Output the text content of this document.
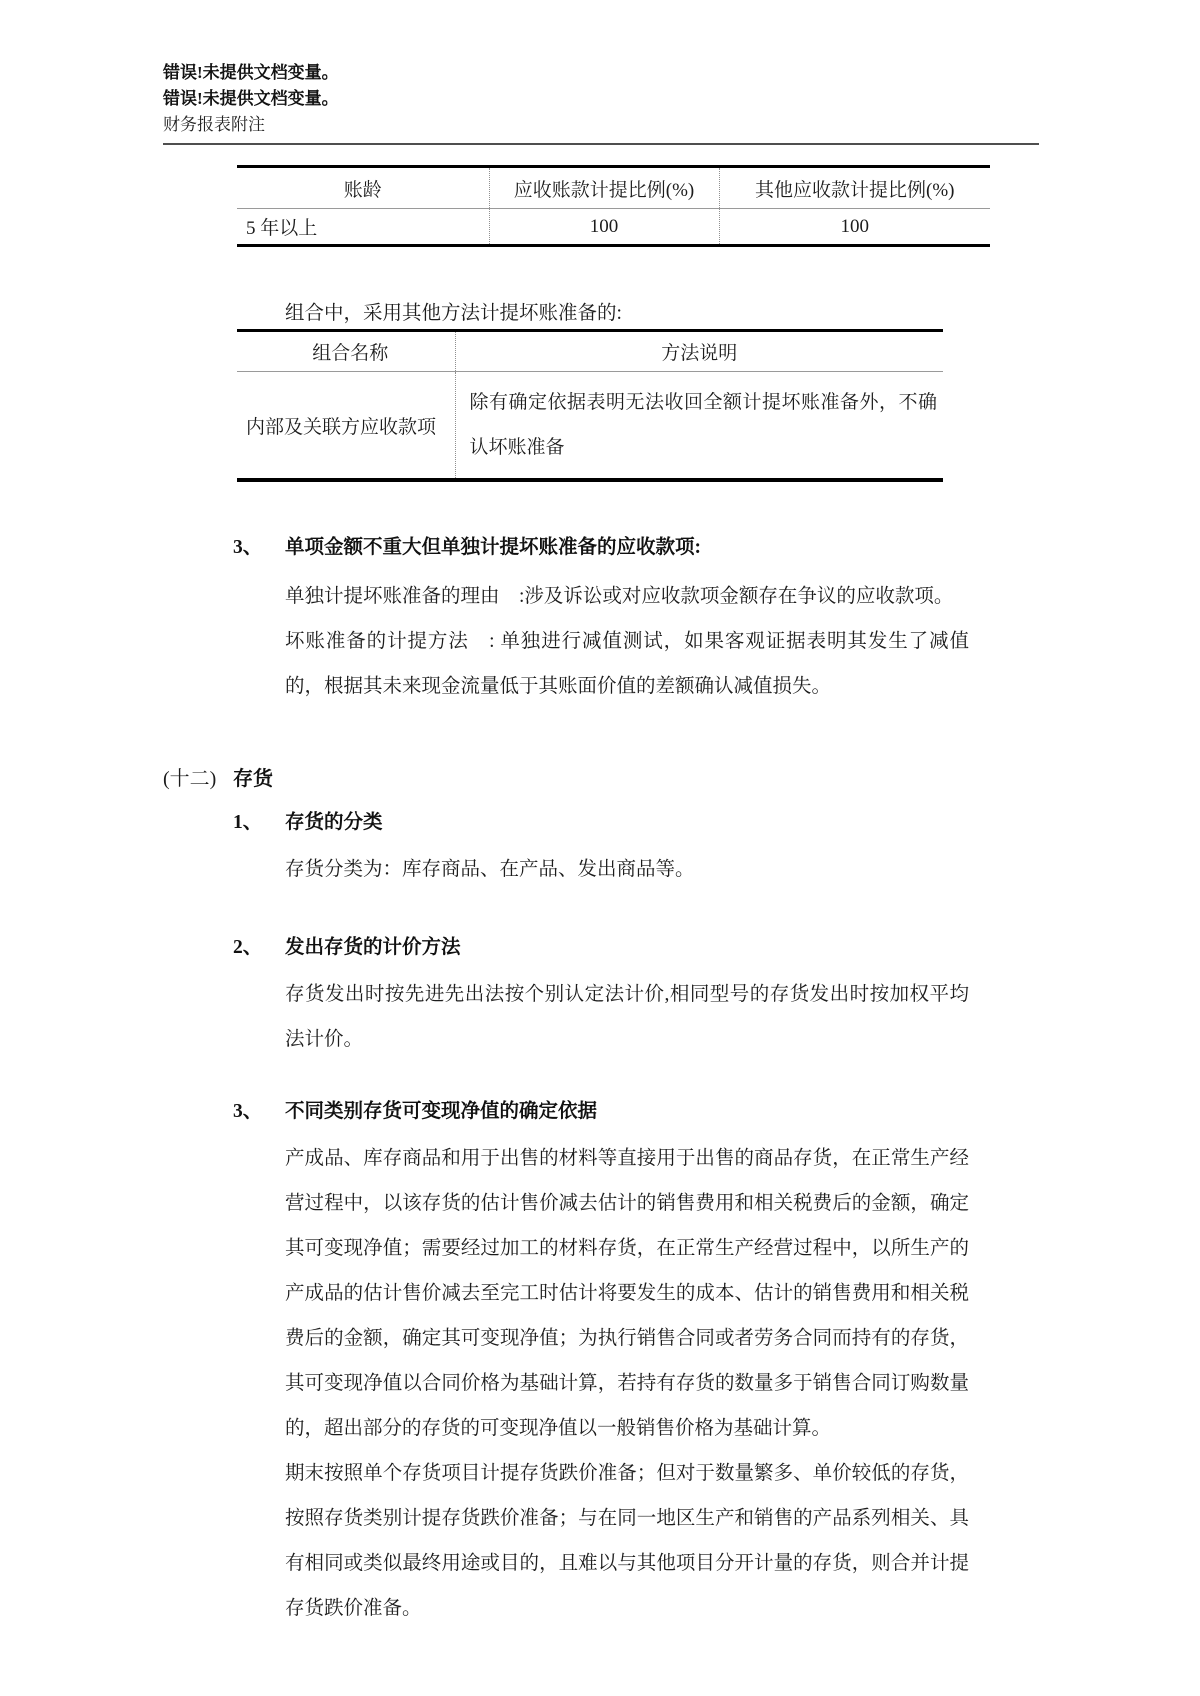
错误!未提供文档变量。
错误!未提供文档变量。
财务报表附注
账龄	应收账款计提比例(%)	其他应收款计提比例(%)
5 年以上	100	100

组合中，采用其他方法计提坏账准备的:

组合名称	方法说明
内部及关联方应收款项	除有确定依据表明无法收回全额计提坏账准备外，不确认坏账准备
3、	单项金额不重大但单独计提坏账准备的应收款项:

单独计提坏账准备的理由　:涉及诉讼或对应收款项金额存在争议的应收款项。

坏账准备的计提方法　: 单独进行减值测试，如果客观证据表明其发生了减值的，根据其未来现金流量低于其账面价值的差额确认减值损失。

(十二) 存货
1、	存货的分类

存货分类为：库存商品、在产品、发出商品等。

2、	发出存货的计价方法

存货发出时按先进先出法按个别认定法计价,相同型号的存货发出时按加权平均法计价。

3、	不同类别存货可变现净值的确定依据

产成品、库存商品和用于出售的材料等直接用于出售的商品存货，在正常生产经营过程中，以该存货的估计售价减去估计的销售费用和相关税费后的金额，确定其可变现净值；需要经过加工的材料存货，在正常生产经营过程中，以所生产的产成品的估计售价减去至完工时估计将要发生的成本、估计的销售费用和相关税费后的金额，确定其可变现净值；为执行销售合同或者劳务合同而持有的存货，其可变现净值以合同价格为基础计算，若持有存货的数量多于销售合同订购数量的，超出部分的存货的可变现净值以一般销售价格为基础计算。

期末按照单个存货项目计提存货跌价准备；但对于数量繁多、单价较低的存货，按照存货类别计提存货跌价准备；与在同一地区生产和销售的产品系列相关、具有相同或类似最终用途或目的，且难以与其他项目分开计量的存货，则合并计提存货跌价准备。
